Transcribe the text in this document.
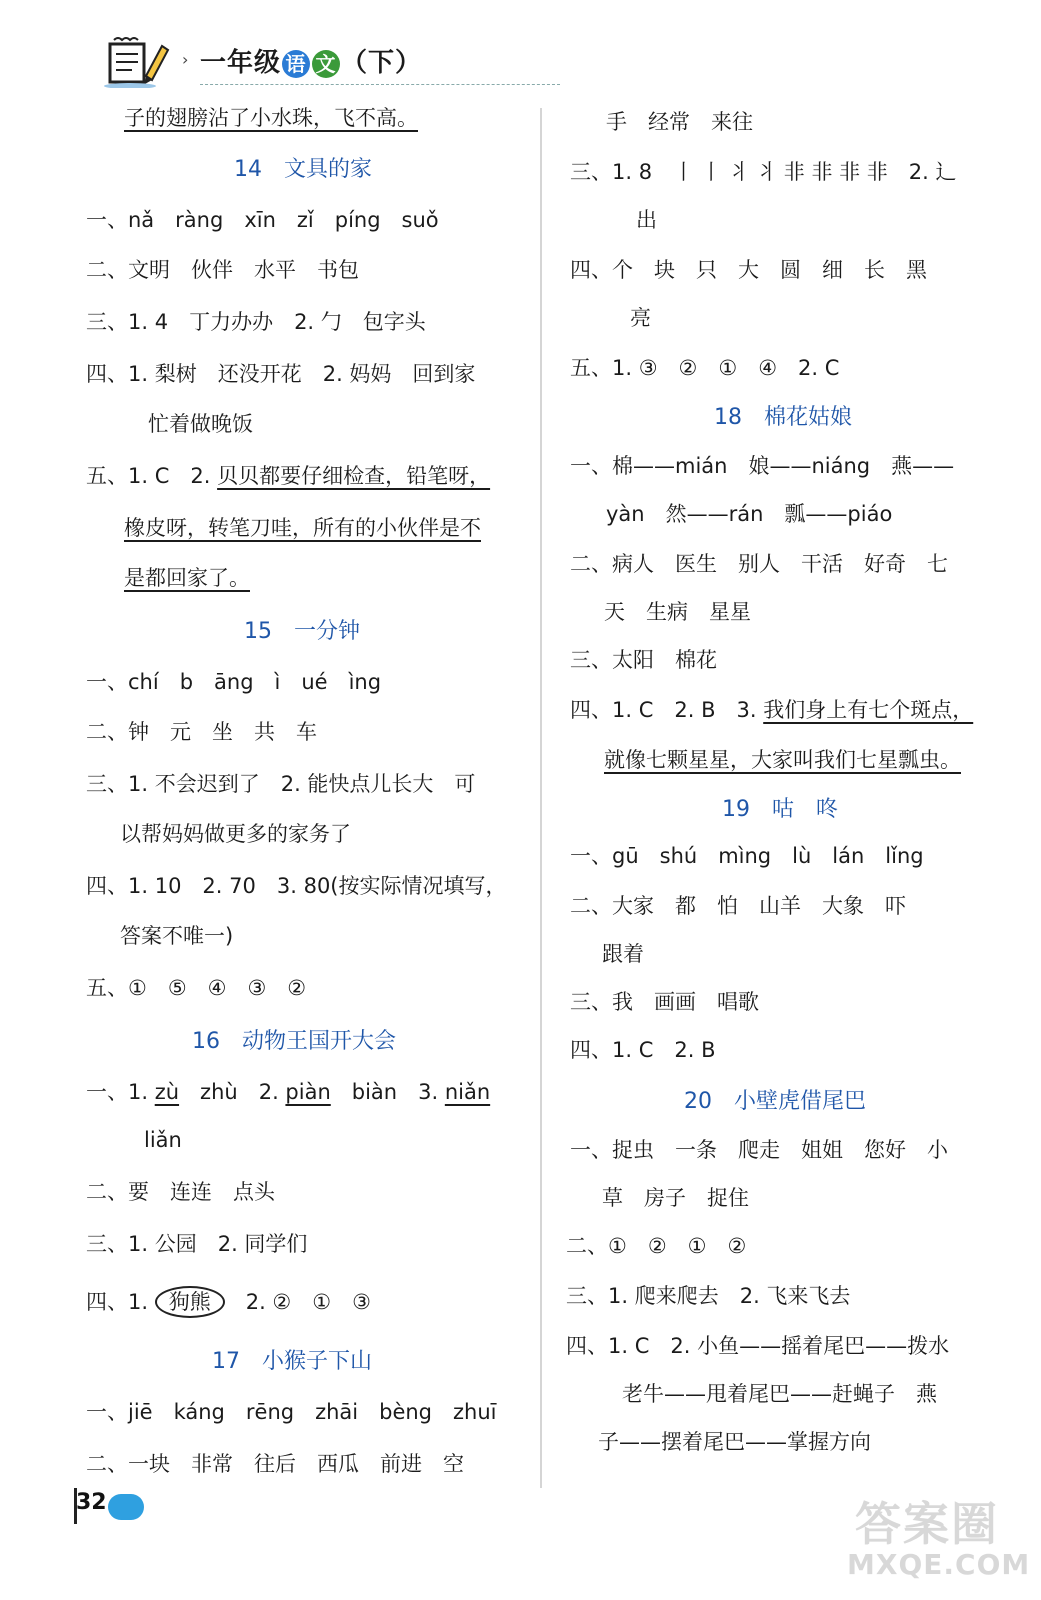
› 一年级 语 文 （下）
子的翅膀沾了小水珠，飞不高。
14　文具的家
一、nǎ　ràng　xīn　zǐ　píng　suǒ
二、文明　伙伴　水平　书包
三、1. 4　丁力办办　2. 勹　包字头
四、1. 梨树　还没开花　2. 妈妈　回到家
忙着做晚饭
五、1. C　2. 贝贝都要仔细检查，铅笔呀，
橡皮呀，转笔刀哇，所有的小伙伴是不
是都回家了。
15　一分钟
一、chí　b　āng　ì　ué　ìng
二、钟　元　坐　共　车
三、1. 不会迟到了　2. 能快点儿长大　可
以帮妈妈做更多的家务了
四、1. 10　2. 70　3. 80(按实际情况填写，
答案不唯一)
五、①　⑤　④　③　②
16　动物王国开大会
一、1. zù　zhù　2. piàn　biàn　3. niǎn
liǎn
二、要　连连　点头
三、1. 公园　2. 同学们
四、1. 狗熊　2. ②　①　③
17　小猴子下山
一、jiē　káng　rēng　zhāi　bèng　zhuī
二、一块　非常　往后　西瓜　前进　空
手　经常　来往
三、1. 8　丨 丨 丬 丬 非 非 非 非　2. 辶
出
四、个　块　只　大　圆　细　长　黑
亮
五、1. ③　②　①　④　2. C
18　棉花姑娘
一、棉——mián　娘——niáng　燕——
yàn　然——rán　瓢——piáo
二、病人　医生　别人　干活　好奇　七
天　生病　星星
三、太阳　棉花
四、1. C　2. B　3. 我们身上有七个斑点，
就像七颗星星，大家叫我们七星瓢虫。
19　咕　咚
一、gū　shú　mìng　lù　lán　lǐng
二、大家　都　怕　山羊　大象　吓
跟着
三、我　画画　唱歌
四、1. C　2. B
20　小壁虎借尾巴
一、捉虫　一条　爬走　姐姐　您好　小
草　房子　捉住
二、①　②　①　②
三、1. 爬来爬去　2. 飞来飞去
四、1. C　2. 小鱼——摇着尾巴——拨水
老牛——甩着尾巴——赶蝇子　燕
子——摆着尾巴——掌握方向
32	答案圈
MXQE.COM
